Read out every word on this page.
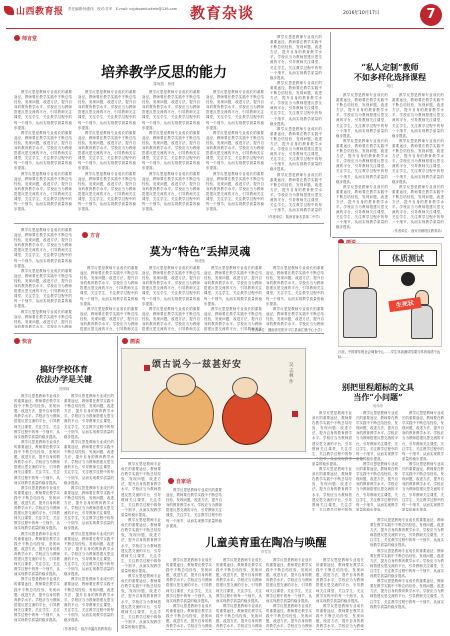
山西教育报 责任编辑:杨建伟　校对:苏军　E-mail: sxjybsxeduxkmb@126.com 教育杂谈	2016年10月17日	7
师言堂
培养教学反思的能力
陈海燕　杨建

教学反思是教师专业成长的重要途径，教师要在教学实践中不断总结经验，发现问题，改进方法，提升自身的教育教学水平。学校应当为教师搭建反思交流的平台，引导教师关注课堂，关注学生，关注教学过程中的每一个细节，从而实现教学质量的稳步提高。

教学反思是教师专业成长的重要途径，教师要在教学实践中不断总结经验，发现问题，改进方法，提升自身的教育教学水平。学校应当为教师搭建反思交流的平台，引导教师关注课堂，关注学生，关注教学过程中的每一个细节，从而实现教学质量的稳步提高。

教学反思是教师专业成长的重要途径，教师要在教学实践中不断总结经验，发现问题，改进方法，提升自身的教育教学水平。学校应当为教师搭建反思交流的平台，引导教师关注课堂，关注学生，关注教学过程中的每一个细节，从而实现教学质量的稳步提高。

教学反思是教师专业成长的重要途径，教师要在教学实践中不断总结经验，发现问题，改进方法，提升自身的教育教学水平。学校应当为教师搭建反思交流的平台，引导教师关注课堂，关注学生，关注教学过程中的每一个细节，从而实现教学质量的稳步提高。

教学反思是教师专业成长的重要途径，教师要在教学实践中不断总结经验，发现问题，改进方法，提升自身的教育教学水平。学校应当为教师搭建反思交流的平台，引导教师关注课堂，关注学生，关注教学过程中的每一个细节，从而实现教学质量的稳步提高。

教学反思是教师专业成长的重要途径，教师要在教学实践中不断总结经验，发现问题，改进方法，提升自身的教育教学水平。学校应当为教师搭建反思交流的平台，引导教师关注课堂，关注学生，关注教学过程中的每一个细节，从而实现教学质量的稳步提高。

教学反思是教师专业成长的重要途径，教师要在教学实践中不断总结经验，发现问题，改进方法，提升自身的教育教学水平。学校应当为教师搭建反思交流的平台，引导教师关注课堂，关注学生，关注教学过程中的每一个细节，从而实现教学质量的稳步提高。

教学反思是教师专业成长的重要途径，教师要在教学实践中不断总结经验，发现问题，改进方法，提升自身的教育教学水平。学校应当为教师搭建反思交流的平台，引导教师关注课堂，关注学生，关注教学过程中的每一个细节，从而实现教学质量的稳步提高。

教学反思是教师专业成长的重要途径，教师要在教学实践中不断总结经验，发现问题，改进方法，提升自身的教育教学水平。学校应当为教师搭建反思交流的平台，引导教师关注课堂，关注学生，关注教学过程中的每一个细节，从而实现教学质量的稳步提高。

教学反思是教师专业成长的重要途径，教师要在教学实践中不断总结经验，发现问题，改进方法，提升自身的教育教学水平。学校应当为教师搭建反思交流的平台，引导教师关注课堂，关注学生，关注教学过程中的每一个细节，从而实现教学质量的稳步提高。

教学反思是教师专业成长的重要途径，教师要在教学实践中不断总结经验，发现问题，改进方法，提升自身的教育教学水平。学校应当为教师搭建反思交流的平台，引导教师关注课堂，关注学生，关注教学过程中的每一个细节，从而实现教学质量的稳步提高。

教学反思是教师专业成长的重要途径，教师要在教学实践中不断总结经验，发现问题，改进方法，提升自身的教育教学水平。学校应当为教师搭建反思交流的平台，引导教师关注课堂，关注学生，关注教学过程中的每一个细节，从而实现教学质量的稳步提高。

教学反思是教师专业成长的重要途径，教师要在教学实践中不断总结经验，发现问题，改进方法，提升自身的教育教学水平。学校应当为教师搭建反思交流的平台，引导教师关注课堂，关注学生，关注教学过程中的每一个细节，从而实现教学质量的稳步提高。

教学反思是教师专业成长的重要途径，教师要在教学实践中不断总结经验，发现问题，改进方法，提升自身的教育教学水平。学校应当为教师搭建反思交流的平台，引导教师关注课堂，关注学生，关注教学过程中的每一个细节，从而实现教学质量的稳步提高。

教学反思是教师专业成长的重要途径，教师要在教学实践中不断总结经验，发现问题，改进方法，提升自身的教育教学水平。学校应当为教师搭建反思交流的平台，引导教师关注课堂，关注学生，关注教学过程中的每一个细节，从而实现教学质量的稳步提高。

教学反思是教师专业成长的重要途径，教师要在教学实践中不断总结经验，发现问题，改进方法，提升自身的教育教学水平。学校应当为教师搭建反思交流的平台，引导教师关注课堂，关注学生，关注教学过程中的每一个细节，从而实现教学质量的

（作者单位：陕西省神木县第二中学）
“私人定制”教师
不如多样化选择课程
胡红

教学反思是教师专业成长的重要途径，教师要在教学实践中不断总结经验，发现问题，改进方法，提升自身的教育教学水平。学校应当为教师搭建反思交流的平台，引导教师关注课堂，关注学生，关注教学过程中的每一个细节，从而实现教学质量的稳步提高。

教学反思是教师专业成长的重要途径，教师要在教学实践中不断总结经验，发现问题，改进方法，提升自身的教育教学水平。学校应当为教师搭建反思交流的平台，引导教师关注课堂，关注学生，关注教学过程中的每一个细节，从而实现教学质量的稳步提高。

教学反思是教师专业成长的重要途径，教师要在教学实践中不断总结经验，发现问题，改进方法，提升自身的教育教学水平。学校应当为教师搭建反思交流的平台，引导教师关注课堂，关注学生，关注教学过程中的每一个细节，从而实现教学质量的稳步提高。

教学反思是教师专业成长的重要途径，教师要在教学实践中不断总结经验，发现问题，改进方法，提升自身的教育教学水平。学校应当为教师搭建反思交流的平台，引导教师关注课堂，关注学生，关注教学过程中的每一个细节，从而实现教学质量的稳步提高。

教学反思是教师专业成长的重要途径，教师要在教学实践中不断总结经验，发现问题，改进方法，提升自身的教育教学水平。学校应当为教师搭建反思交流的平台，引导教师关注课堂，关注学生，关注教学过程中的每一个细节，从而实现教学质量的稳步提高。

教学反思是教师专业成长的重要途径，教师要在教学实践中不断总结经验，发现问题，改进方法，提升自身的教育教学水平。学校应当为教师搭建反思交流的平台，引导教师关注课堂，关注学生，关注教学过程中的每一个细节，从而实现教学质量的

（作者单位：西安市雁塔区教育局）

教学反思是教师专业成长的重要途径，教师要在教学实践中不断总结经验，发现问题，改进方法，提升自身的教育教学水平。学校应当为教师搭建反思交流的平台，引导教师关注课堂，关注学生，关注教学过程中的每一个细节，从而实现教学质量的稳步提高。

教学反思是教师专业成长的重要途径，教师要在教学实践中不断总结经验，发现问题，改进方法，提升自身的教育教学水平。学校应当为教师搭建反思交流的平台，引导教师关注课堂，关注学生，关注教学过程中的每一个细节，从而实现教学质量的稳步提高。

教学反思是教师专业成长的重要途径，教师要在教学实践中不断总结经验，发现问题，改进方法，提升自身的教育教学水平。学校应当为教师

方言
莫为“特色”丢掉灵魂
杨建伟

教学反思是教师专业成长的重要途径，教师要在教学实践中不断总结经验，发现问题，改进方法，提升自身的教育教学水平。学校应当为教师搭建反思交流的平台，引导教师关注课堂，关注学生，关注教学过程中的每一个细节，从而实现教学质量的稳步提高。

教学反思是教师专业成长的重要途径，教师要在教学实践中不断总结经验，发现问题，改进方法，提升自身的教育教学水平。学校应当为教师搭建反思交流的平台，引导教师关注

教学反思是教师专业成长的重要途径，教师要在教学实践中不断总结经验，发现问题，改进方法，提升自身的教育教学水平。学校应当为教师搭建反思交流的平台，引导教师关注课堂，关注学生，关注教学过程中的每一个细节，从而实现教学质量的稳步提高。

教学反思是教师专业成长的重要途径，教师要在教学实践中不断总结经验，发现问题，改进方法，提升自身的教育教学水平。学校应当为教师搭建反思交流的平台，引导教师关注

教学反思是教师专业成长的重要途径，教师要在教学实践中不断总结经验，发现问题，改进方法，提升自身的教育教学水平。学校应当为教师搭建反思交流的平台，引导教师关注课堂，关注学生，关注教学过程中的每一个细节，从而实现教学质量的稳步提高。

教学反思是教师专业成长的重要途径，教师要在教学实践中不断总结经验，发现问题，改进方法，提升自身的教育教学水平。学校应当为教师搭建反思交流的平台，引导教师关注

教学反思是教师专业成长的重要途径，教师要在教学实践中不断总结经验，发现问题，改进方法，提升自身的教育教学水平。学校应当为教师搭建反思交流的平台，引导教师关注课堂，关注学生，关注教学过程中的每一个细节，从而实现教学质量的稳步提高。

教学反思是教师专业成长的重要途径，教师要在教学实践中不断总结经验，发现问题，改进方法，提升自身的教育教学水平。学校应当为教师

（作者单位：湖南省岳阳市平江县南江镇中心小学）
体质测试
生死状
日前，中国青年报社会调查中心……学生体质测试结果与体育成绩不达标……
快言
搞好学校体育
依法办学是关键
冯照林

教学反思是教师专业成长的重要途径，教师要在教学实践中不断总结经验，发现问题，改进方法，提升自身的教育教学水平。学校应当为教师搭建反思交流的平台，引导教师关注课堂，关注学生，关注教学过程中的每一个细节，从而实现教学质量的稳步提高。

教学反思是教师专业成长的重要途径，教师要在教学实践中不断总结经验，发现问题，改进方法，提升自身的教育教学水平。学校应当为教师搭建反思交流的平台，引导教师关注课堂，关注学生，关注教学过程中的每一个细节，从而实现教学质量的稳步提高。

教学反思是教师专业成长的重要途径，教师要在教学实践中不断总结经验，发现问题，改进方法，提升自身的教育教学水平。学校应当为教师搭建反思交流的平台，引导教师关注课堂，关注学生，关注教学过程中的每一个细节，从而实现教学质量的稳步提高。

教学反思是教师专业成长的重要途径，教师要在教学实践中不断总结经验，发现问题，改进方法，提升自身的教育教学水平。学校应当为教师搭建反思交流的平台，引导教师关注课堂，关注学生，关注教学过程中的每一个细节，从而实现教学质量的稳步提高。

教学反思是教师专业成长的重要途径，教师要在教学实践中不断总结经验，发现问题，改进方法，提升自身的教育教学水平。学校应当为教师搭建反思交流的平台，引导教师关注课堂，关注学生，关注教学过程中的每一个细节，从而实现教学质量的稳步提高。

教学反思是教师专业成长的重要途径，教师要在教学实践中不断总结经验，发现问题，改进方法，提升自身的教育教学水平。学校应当为教师搭建反思交流的平台，引导教师关注课堂，关注学生，关注教学过程中的每一个细节，从而实现教学质量的稳步提高。

教学反思是教师专业成长的重要途径，教师要在教学实践中不断总结经验，发现问题，改进方法，提升自身的教育教学水平。学校应当为教师搭建反思交流的平台，引导教师关注课堂，关注学生，关注教学过程中的每一个细节，从而实现教学质量的稳步提高。

教学反思是教师专业成长的重要途径，教师要在教学实践中不断总结经验，发现问题，改进方法，提升自身的教育教学水平。学校应当为教师搭建反思交流的平台，引导教师关注课堂，关注学生，关注教学过程中的每一个细节，从而实现教学质量的稳步提高。

教学反思是教师专业成长的重要途径，教师要在教学实践中不断总结经验，发现问题，改进方法，提升自身的教育教学水平。学校应当为教师搭建反思交流的平台，引导教师关注课堂，关注学生，关注教学过程中的每一个细节，从而实现教学质量的稳步提高。

教学反思是教师专业成长的重要途径，教师要在教学实践中不断总结经验，发现问题，改进方法，提升自身的教育教学水平。学校应当为教师搭建反思交流的平台，引导教师关注课堂，关注学生，关注教学过程中的每一个细节，从而实现教学质量的稳步提高。

（作者单位：临汾市襄汾县教育局）
画说
颂古说今一兹甚好安	吴志林　作	别把里程超标的文具
当作“小问题”
吴伟东

教学反思是教师专业成长的重要途径，教师要在教学实践中不断总结经验，发现问题，改进方法，提升自身的教育教学水平。学校应当为教师搭建反思交流的平台，引导教师关注课堂，关注学生，关注教学过程中的每一个细节，从而实现教学质量的稳步提高。

教学反思是教师专业成长的重要途径，教师要在教学实践中不断总结经验，发现问题，改进方法，提升自身的教育教学水平。学校应当为教师搭建反思交流的平台，引导教师关注课堂，关注学生，关注教学过程中的每

教学反思是教师专业成长的重要途径，教师要在教学实践中不断总结经验，发现问题，改进方法，提升自身的教育教学水平。学校应当为教师搭建反思交流的平台，引导教师关注课堂，关注学生，关注教学过程中的每一个细节，从而实现教学质量的稳步提高。

教学反思是教师专业成长的重要途径，教师要在教学实践中不断总结经验，发现问题，改进方法，提升自身的教育教学水平。学校应当为教师搭建反思交流的平台，引导教师关注课堂，关注学生，关注教学过程中的每一个细节，从而实现教学质量的稳步提高。

教学反思是教师专业成长的重要途径，教师要在教学实践中不断总结经验，发现问题，改进方法，提升自身的教育教学水平。学校应当为教师搭建反思交流的平台，引导教师关注课堂，关注学生，关注教学过程中的每一个细节，从而实现教学质量的稳步提高。

教学反思是教师专业成长的重要途径，教师要在教学实践中不断总结经验，发现问题，改进方法，提升自身的教育教学水平。学校应当为教师搭建反思交流的平台，引导教师关注课堂，关注学生，关注教学过程中的每一个细节，从而实现教学质量的稳步提高。

教学反思是教师专业成长的重要途径，教师要在教学实践中不断总结经验，发现问题，改进方法，提升自身的教育教学水平。学校应当为教师搭建反思交流的平台，引导教师关注课堂，关注学生，关注教学过程中的每一个细节，从而实现教学质量的稳步提高。

教学反思是教师专业成长的重要途径，教师要在教学实践中不断总结经验，发现问题，改进方法，提升自身的教育教学水平。学校应当为教师搭建反思交流的平台，引导教师关注课堂，关注学生，关注教学过程中的每一个细节，从而实现教学质量的稳步提高。

教学反思是教师专业成长的重要途径，教师要在教学实践中不断总结经验，发现问题，改进方法，提升自身的教育教学水平。学校应当为教师搭建反思交流的平台，引导教师关注课堂，关注学生，关注教学过程中的每一个细节，从而实现教学质量的稳步提高。

教学反思是教师专业成长的重要途径，教师要在教学实践中不断总结经验，发现问题，改进方法，提升自身的教育教学水平。学校应当为教师搭建反思交流的平台，引导教师关注课堂，关注学生，关注教学过程中的每一个细节，从而实现教学质量的稳步提高。

教学反思是教师专业成长的重要途径，教师要在教学实践中不断总结经验，发现问题，改进方法，提升自身的教育教学水平。学校应当为教师搭建反思交流的平台，引导教师关注课堂，关注学生，关注教学过程中的每一个细节，从而实现教学质量的稳步提高。

教学反思是教师专业成长的重要途径，教师要在教学实践中不断总结经验，发现问题，改进方法，提升自身的教育教学水平。学校应当为教师搭建反思交流的平台，引导教师关注课堂，关注学生，关注教学过程中的每一个细节，从而实现教学质量的稳步提高。

自家话
儿童美育重在陶冶与唤醒
乔雪芳

教学反思是教师专业成长的重要途径，教师要在教学实践中不断总结经验，发现问题，改进方法，提升自身的教育教学水平。学校应当为教师搭建反思交流的平台，引导教师关注课堂，关注学生，关注教学过程中的每一个细节，从而实现教学质量的稳步提高。

教学反思是教师专业成长的重要途径，教师要在教学实践中不断总结经验，发现问题，改进方法，提升自身的教育教学水平。学校应当为教师搭建反思交流的平台，引导教师关注课堂，关注学生，关注教学过程中的每一个细节，从而实现教学质量的稳步提高。

教学反思是教师专业成长的重要途径，教师要在教学实践中不断总结经验，发现问题，改进方法，提升自身的教育教学水平。学校应当为教师

教学反思是教师专业成长的重要途径，教师要在教学实践中不断总结经验，发现问题，改进方法，提升自身的教育教学水平。学校应当为教师搭建反思交流的平台，引导教师关注课堂，关注学生，关注教学过程中的每一个细节，从而实现教学质量的稳步提高。

教学反思是教师专业成长的重要途径，教师要在教学实践中不断总结经验，发现问题，改进方法，提升自身的教育教学水平。学校应当为教师

教学反思是教师专业成长的重要途径，教师要在教学实践中不断总结经验，发现问题，改进方法，提升自身的教育教学水平。学校应当为教师搭建反思交流的平台，引导教师关注课堂，关注学生，关注教学过程中的每一个细节，从而实现教学质量的稳步提高。

教学反思是教师专业成长的重要途径，教师要在教学实践中不断总结经验，发现问题，改进方法，提升自身的教育教学水平。学校应当为教师

教学反思是教师专业成长的重要途径，教师要在教学实践中不断总结经验，发现问题，改进方法，提升自身的教育教学水平。学校应当为教师搭建反思交流的平台，引导教师关注课堂，关注学生，关注教学过程中的每一个细节，从而实现教学质量的稳步提高。

教学反思是教师专业成长的重要途径，教师要在教学实践中不断总结经验，发现问题，改进方法，提升自身的教育教学水平。学校应当为教师
